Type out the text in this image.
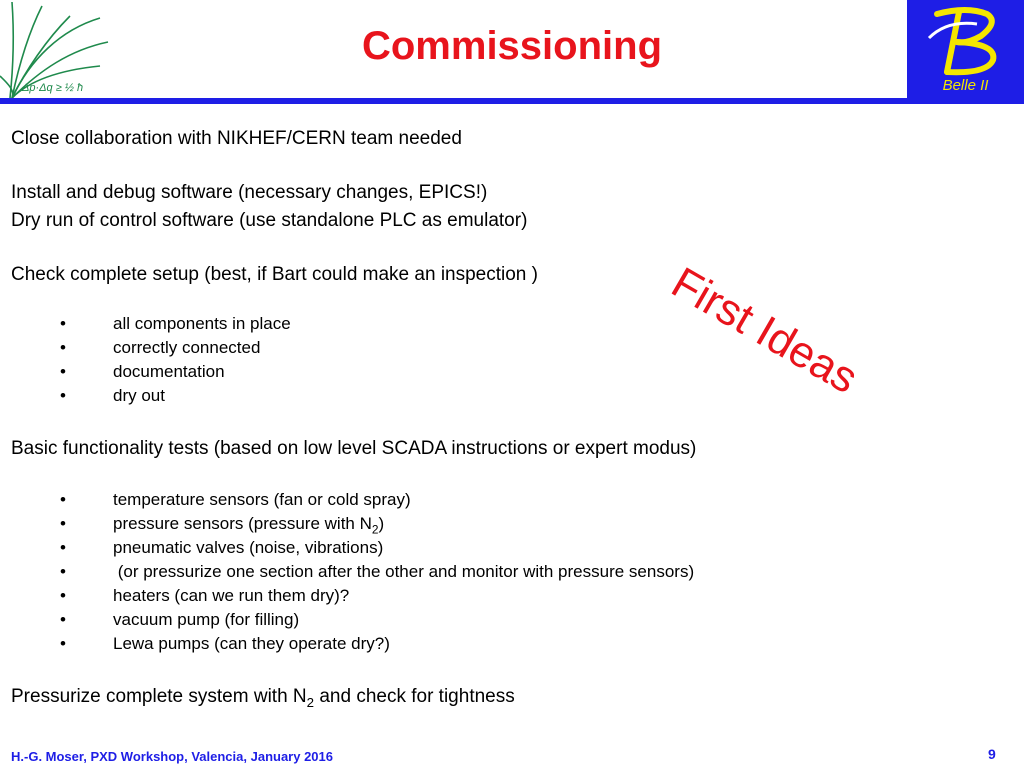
Δp·Δq ≥ ½ ħ
Commissioning
Belle II
Close collaboration with NIKHEF/CERN team needed
Install and debug software (necessary changes, EPICS!)
Dry run of control software (use standalone PLC as emulator)
Check complete setup (best, if Bart could make an inspection )
•	all components in place
•	correctly connected
•	documentation
•	dry out
Basic functionality tests (based on low level SCADA instructions or expert modus)
•	temperature sensors (fan or cold spray)
•	pressure sensors (pressure with $N_2$)
•	pneumatic valves (noise, vibrations)
•	(or pressurize one section after the other and monitor with pressure sensors)
•	heaters (can we run them dry)?
•	vacuum pump (for filling)
•	Lewa pumps (can they operate dry?)
Pressurize complete system with $N_2$ and check for tightness
First Ideas
H.-G. Moser, PXD Workshop, Valencia, January 2016	9
